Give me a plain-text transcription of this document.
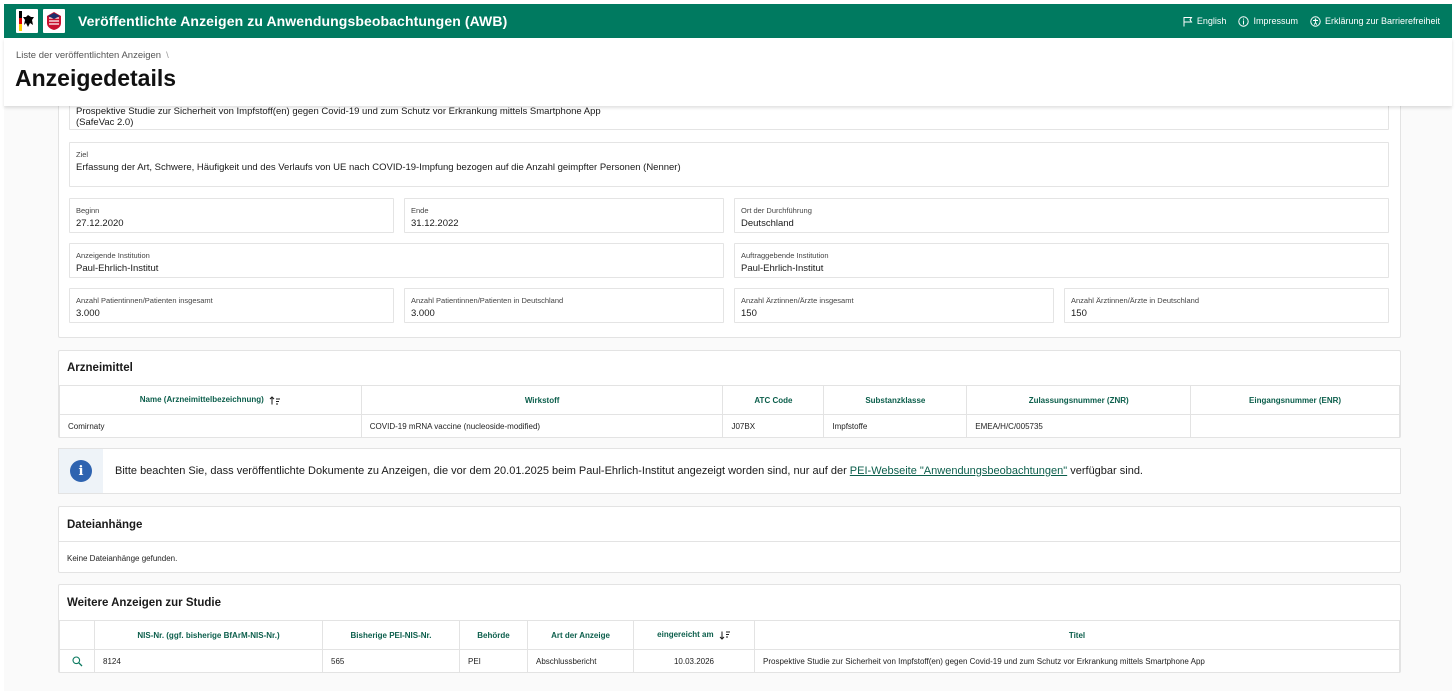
Veröffentlichte Anzeigen zu Anwendungsbeobachtungen (AWB)	English	Impressum	Erklärung zur Barrierefreiheit
Liste der veröffentlichten Anzeigen \
Anzeigedetails
Prospektive Studie zur Sicherheit von Impfstoff(en) gegen Covid-19 und zum Schutz vor Erkrankung mittels Smartphone App
(SafeVac 2.0)
Ziel
Erfassung der Art, Schwere, Häufigkeit und des Verlaufs von UE nach COVID-19-Impfung bezogen auf die Anzahl geimpfter Personen (Nenner)
Beginn
27.12.2020
Ende
31.12.2022
Ort der Durchführung
Deutschland
Anzeigende Institution
Paul-Ehrlich-Institut
Auftraggebende Institution
Paul-Ehrlich-Institut
Anzahl Patientinnen/Patienten insgesamt
3.000
Anzahl Patientinnen/Patienten in Deutschland
3.000
Anzahl Ärztinnen/Ärzte insgesamt
150
Anzahl Ärztinnen/Ärzte in Deutschland
150
Arzneimittel
Name (Arzneimittelbezeichnung)	Wirkstoff	ATC Code	Substanzklasse	Zulassungsnummer (ZNR)	Eingangsnummer (ENR)
Comirnaty	COVID-19 mRNA vaccine (nucleoside-modified)	J07BX	Impfstoffe	EMEA/H/C/005735	
i	Bitte beachten Sie, dass veröffentlichte Dokumente zu Anzeigen, die vor dem 20.01.2025 beim Paul-Ehrlich-Institut angezeigt worden sind, nur auf der PEI-Webseite "Anwendungsbeobachtungen" verfügbar sind.
Dateianhänge
Keine Dateianhänge gefunden.
Weitere Anzeigen zur Studie
	NIS-Nr. (ggf. bisherige BfArM-NIS-Nr.)	Bisherige PEI-NIS-Nr.	Behörde	Art der Anzeige	eingereicht am	Titel
	8124	565	PEI	Abschlussbericht	10.03.2026	Prospektive Studie zur Sicherheit von Impfstoff(en) gegen Covid-19 und zum Schutz vor Erkrankung mittels Smartphone App
